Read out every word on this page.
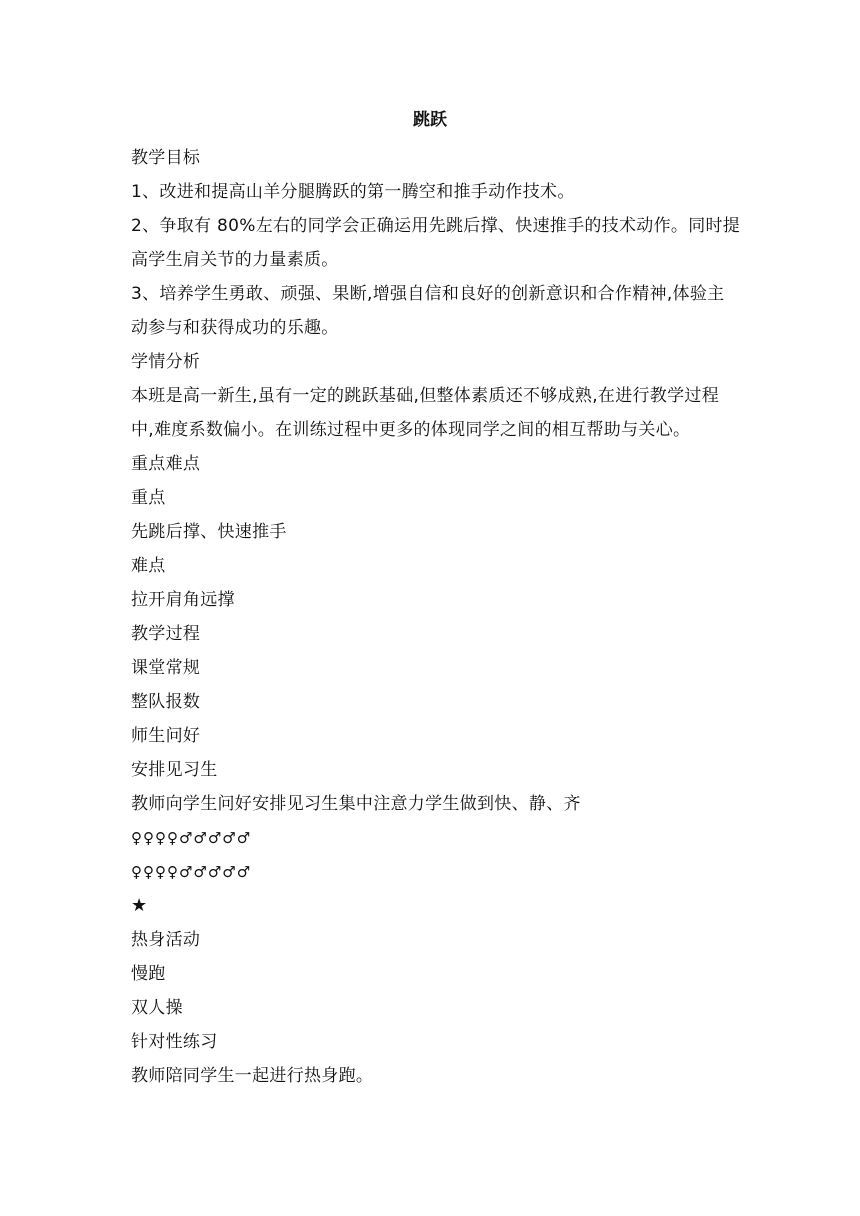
跳跃
教学目标
1、改进和提高山羊分腿腾跃的第一腾空和推手动作技术。
2、争取有 80%左右的同学会正确运用先跳后撑、快速推手的技术动作。同时提高学生肩关节的力量素质。
3、培养学生勇敢、顽强、果断,增强自信和良好的创新意识和合作精神,体验主动参与和获得成功的乐趣。
学情分析
本班是高一新生,虽有一定的跳跃基础,但整体素质还不够成熟,在进行教学过程中,难度系数偏小。在训练过程中更多的体现同学之间的相互帮助与关心。
重点难点
重点
先跳后撑、快速推手
难点
拉开肩角远撑
教学过程
课堂常规
整队报数
师生问好
安排见习生
教师向学生问好安排见习生集中注意力学生做到快、静、齐
♀♀♀♀♂♂♂♂♂
♀♀♀♀♂♂♂♂♂
★
热身活动
慢跑
双人操
针对性练习
教师陪同学生一起进行热身跑。
